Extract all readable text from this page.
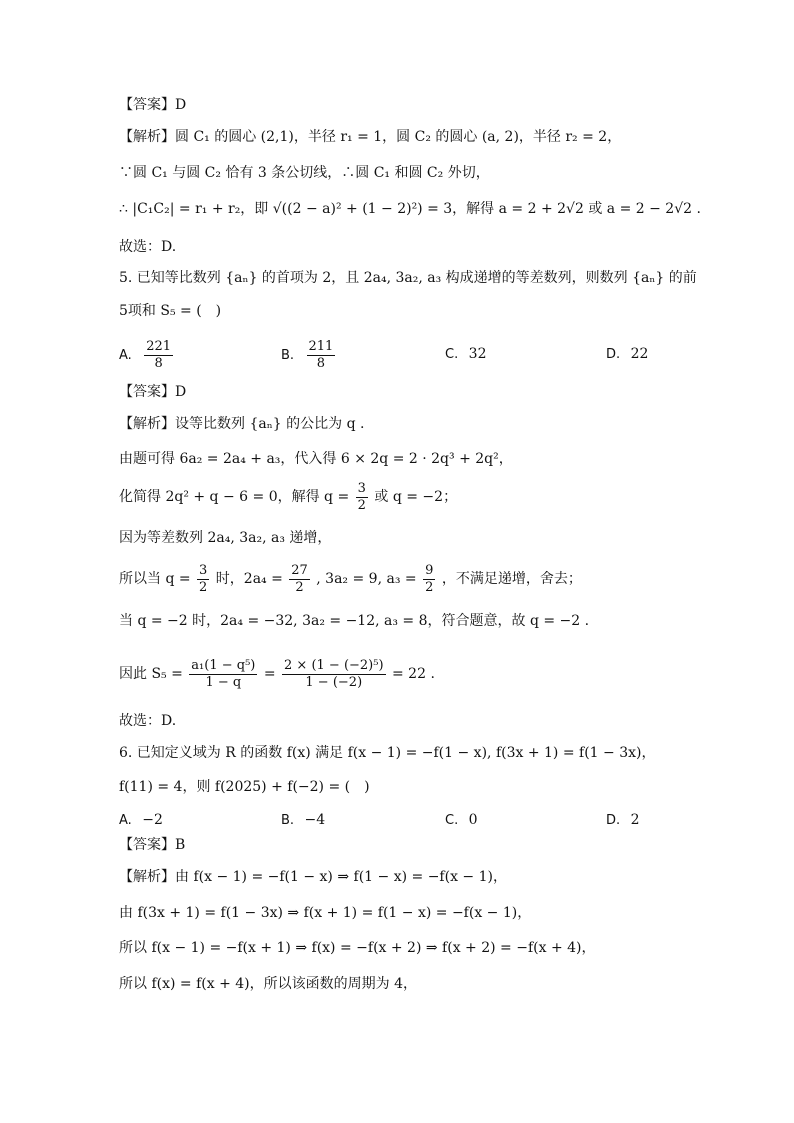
【答案】D
【解析】圆 C₁ 的圆心 (2,1)，半径 r₁ = 1，圆 C₂ 的圆心 (a, 2)，半径 r₂ = 2，
∵圆 C₁ 与圆 C₂ 恰有 3 条公切线，∴圆 C₁ 和圆 C₂ 外切，
∴ |C₁C₂| = r₁ + r₂，即 √((2 − a)² + (1 − 2)²) = 3，解得 a = 2 + 2√2 或 a = 2 − 2√2 .
故选：D.
5. 已知等比数列 {aₙ} 的首项为 2，且 2a₄, 3a₂, a₃ 构成递增的等差数列，则数列 {aₙ} 的前
5项和 S₅ = (　)
A. $\frac{221}{8}$	B. $\frac{211}{8}$	C. 32	D. 22
【答案】D
【解析】设等比数列 {aₙ} 的公比为 q .
由题可得 6a₂ = 2a₄ + a₃，代入得 6 × 2q = 2 · 2q³ + 2q²，
化简得 2q² + q − 6 = 0，解得 $q = \frac{3}{2}$ 或 q = −2；
因为等差数列 2a₄, 3a₂, a₃ 递增，
所以当 $q = \frac{3}{2}$ 时，$2a_4 = \frac{27}{2}$ , 3a₂ = 9, $a_3 = \frac{9}{2}$ ，不满足递增，舍去；
当 q = −2 时，2a₄ = −32, 3a₂ = −12, a₃ = 8，符合题意，故 q = −2 .
因此 $S_5 = \frac{\text{a₁(1 − q⁵)}}{1 - q} = \frac{\text{2 × (1 − (−2)⁵)}}{1 - (-2)} = 22$ .
故选：D.
6. 已知定义域为 R 的函数 f(x) 满足 f(x − 1) = −f(1 − x), f(3x + 1) = f(1 − 3x)，
f(11) = 4，则 f(2025) + f(−2) = (　)
A. −2	B. −4	C. 0	D. 2
【答案】B
【解析】由 f(x − 1) = −f(1 − x) ⇒ f(1 − x) = −f(x − 1)，
由 f(3x + 1) = f(1 − 3x) ⇒ f(x + 1) = f(1 − x) = −f(x − 1)，
所以 f(x − 1) = −f(x + 1) ⇒ f(x) = −f(x + 2) ⇒ f(x + 2) = −f(x + 4)，
所以 f(x) = f(x + 4)，所以该函数的周期为 4，
